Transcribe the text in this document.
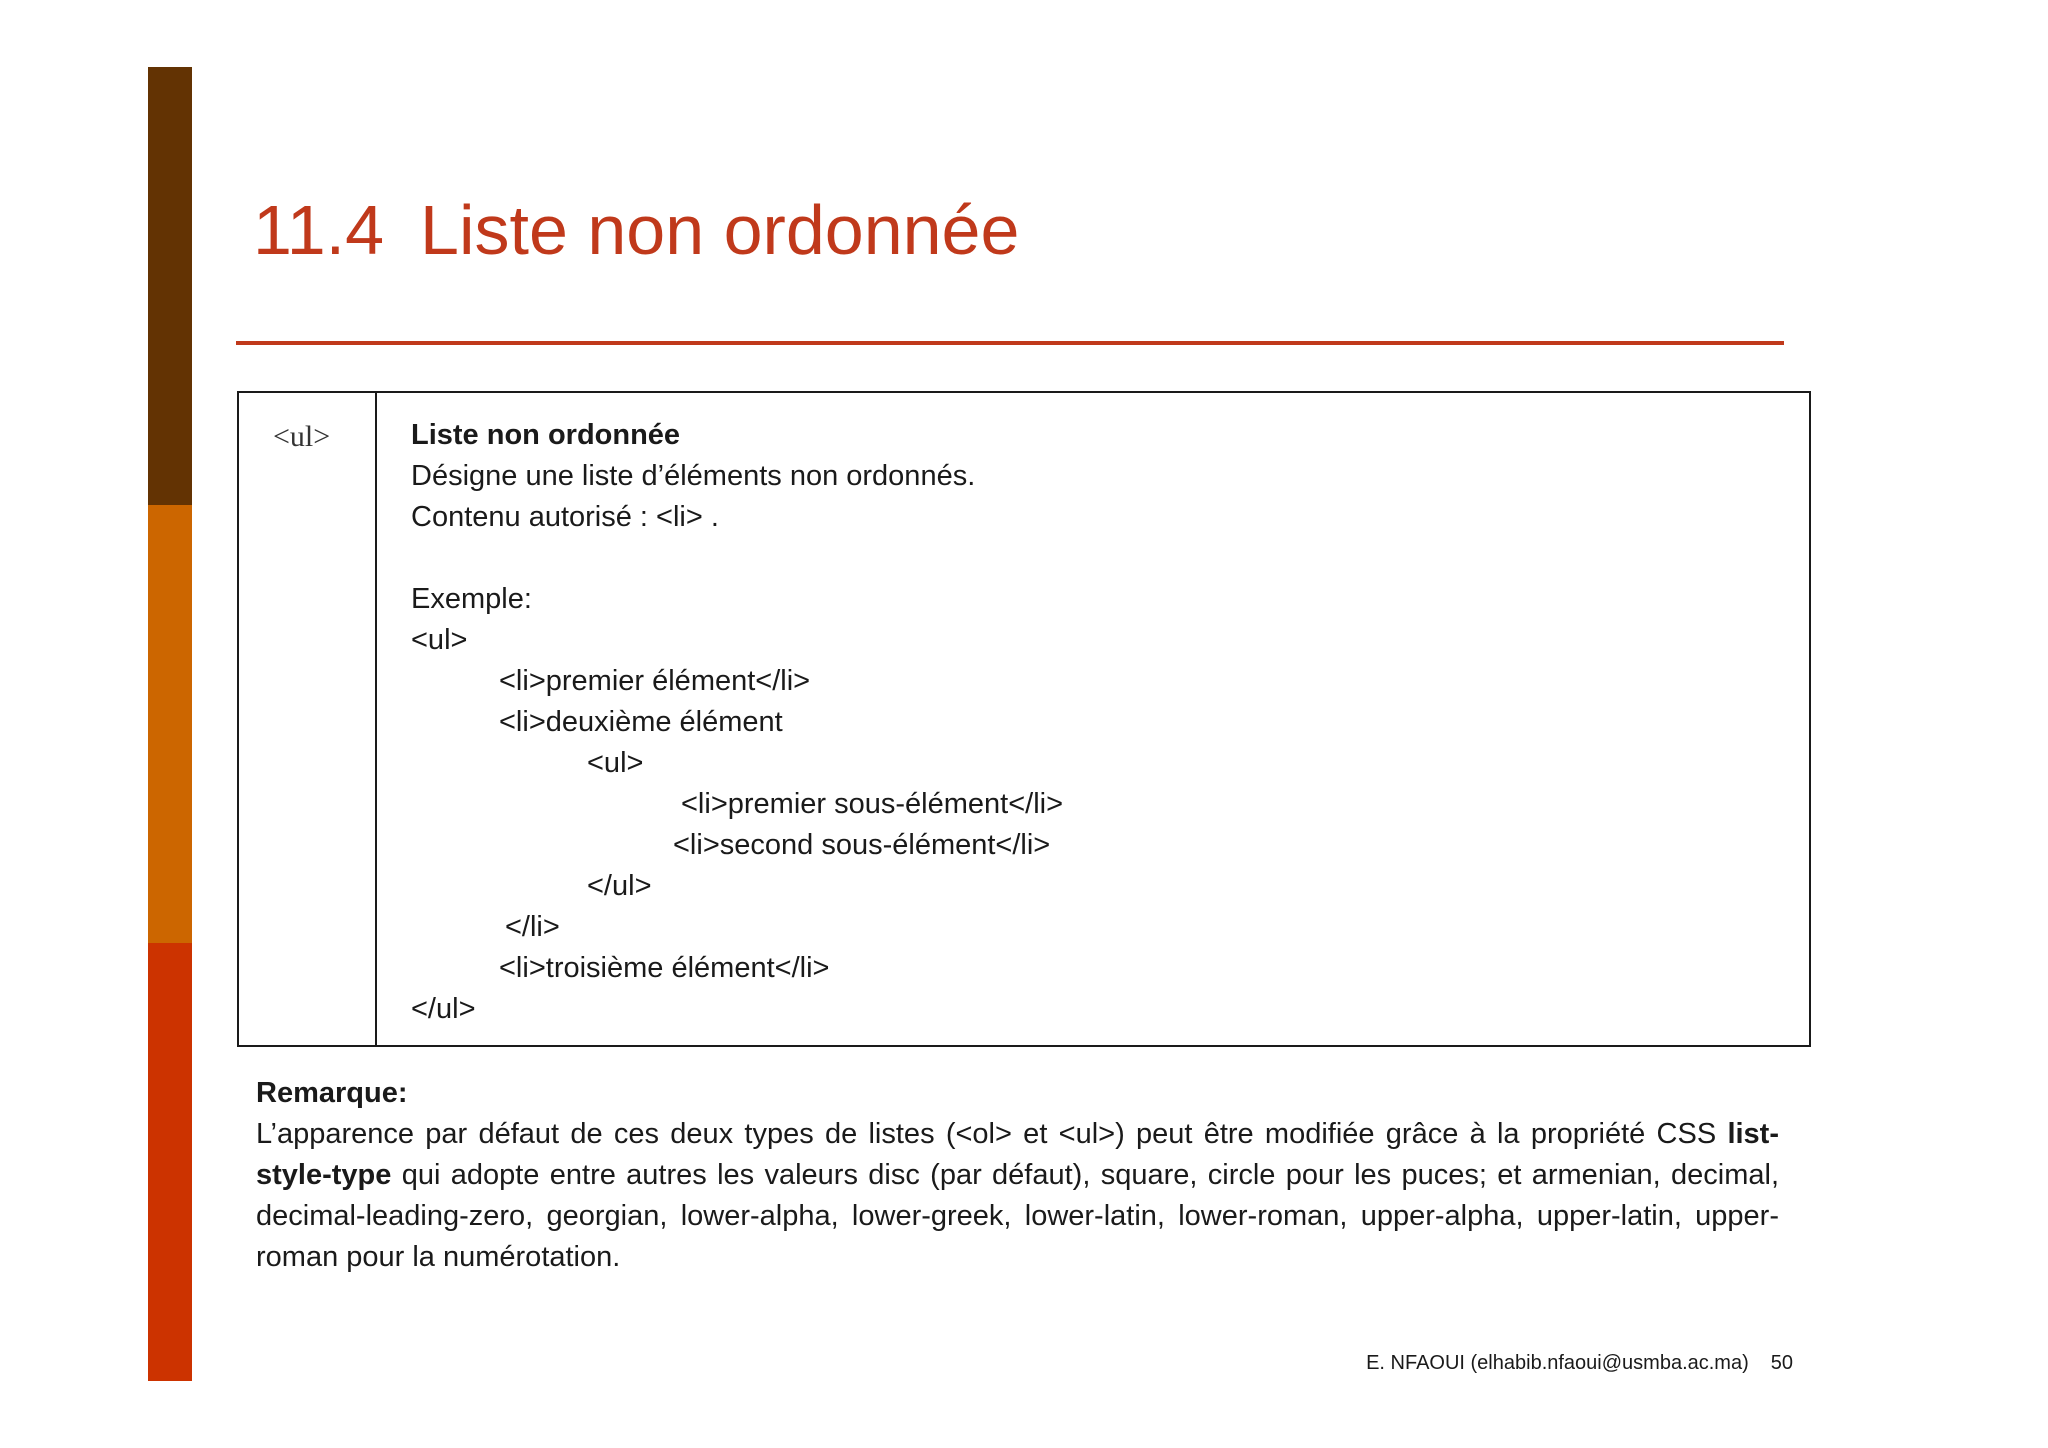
11.4 Liste non ordonnée
<ul>	Liste non ordonnée
Désigne une liste d’éléments non ordonnés.
Contenu autorisé : <li> .
Exemple:
<ul>
<li>premier élément</li>
<li>deuxième élément
<ul>
<li>premier sous-élément</li>
<li>second sous-élément</li>
</ul>
</li>
<li>troisième élément</li>
</ul>
Remarque:
L’apparence par défaut de ces deux types de listes (<ol> et <ul>) peut être modifiée grâce à la propriété CSS list-style-type qui adopte entre autres les valeurs disc (par défaut), square, circle pour les puces; et armenian, decimal, decimal-leading-zero, georgian, lower-alpha, lower-greek, lower-latin, lower-roman, upper-alpha, upper-latin, upper-roman pour la numérotation.
E. NFAOUI (elhabib.nfaoui@usmba.ac.ma) 50
